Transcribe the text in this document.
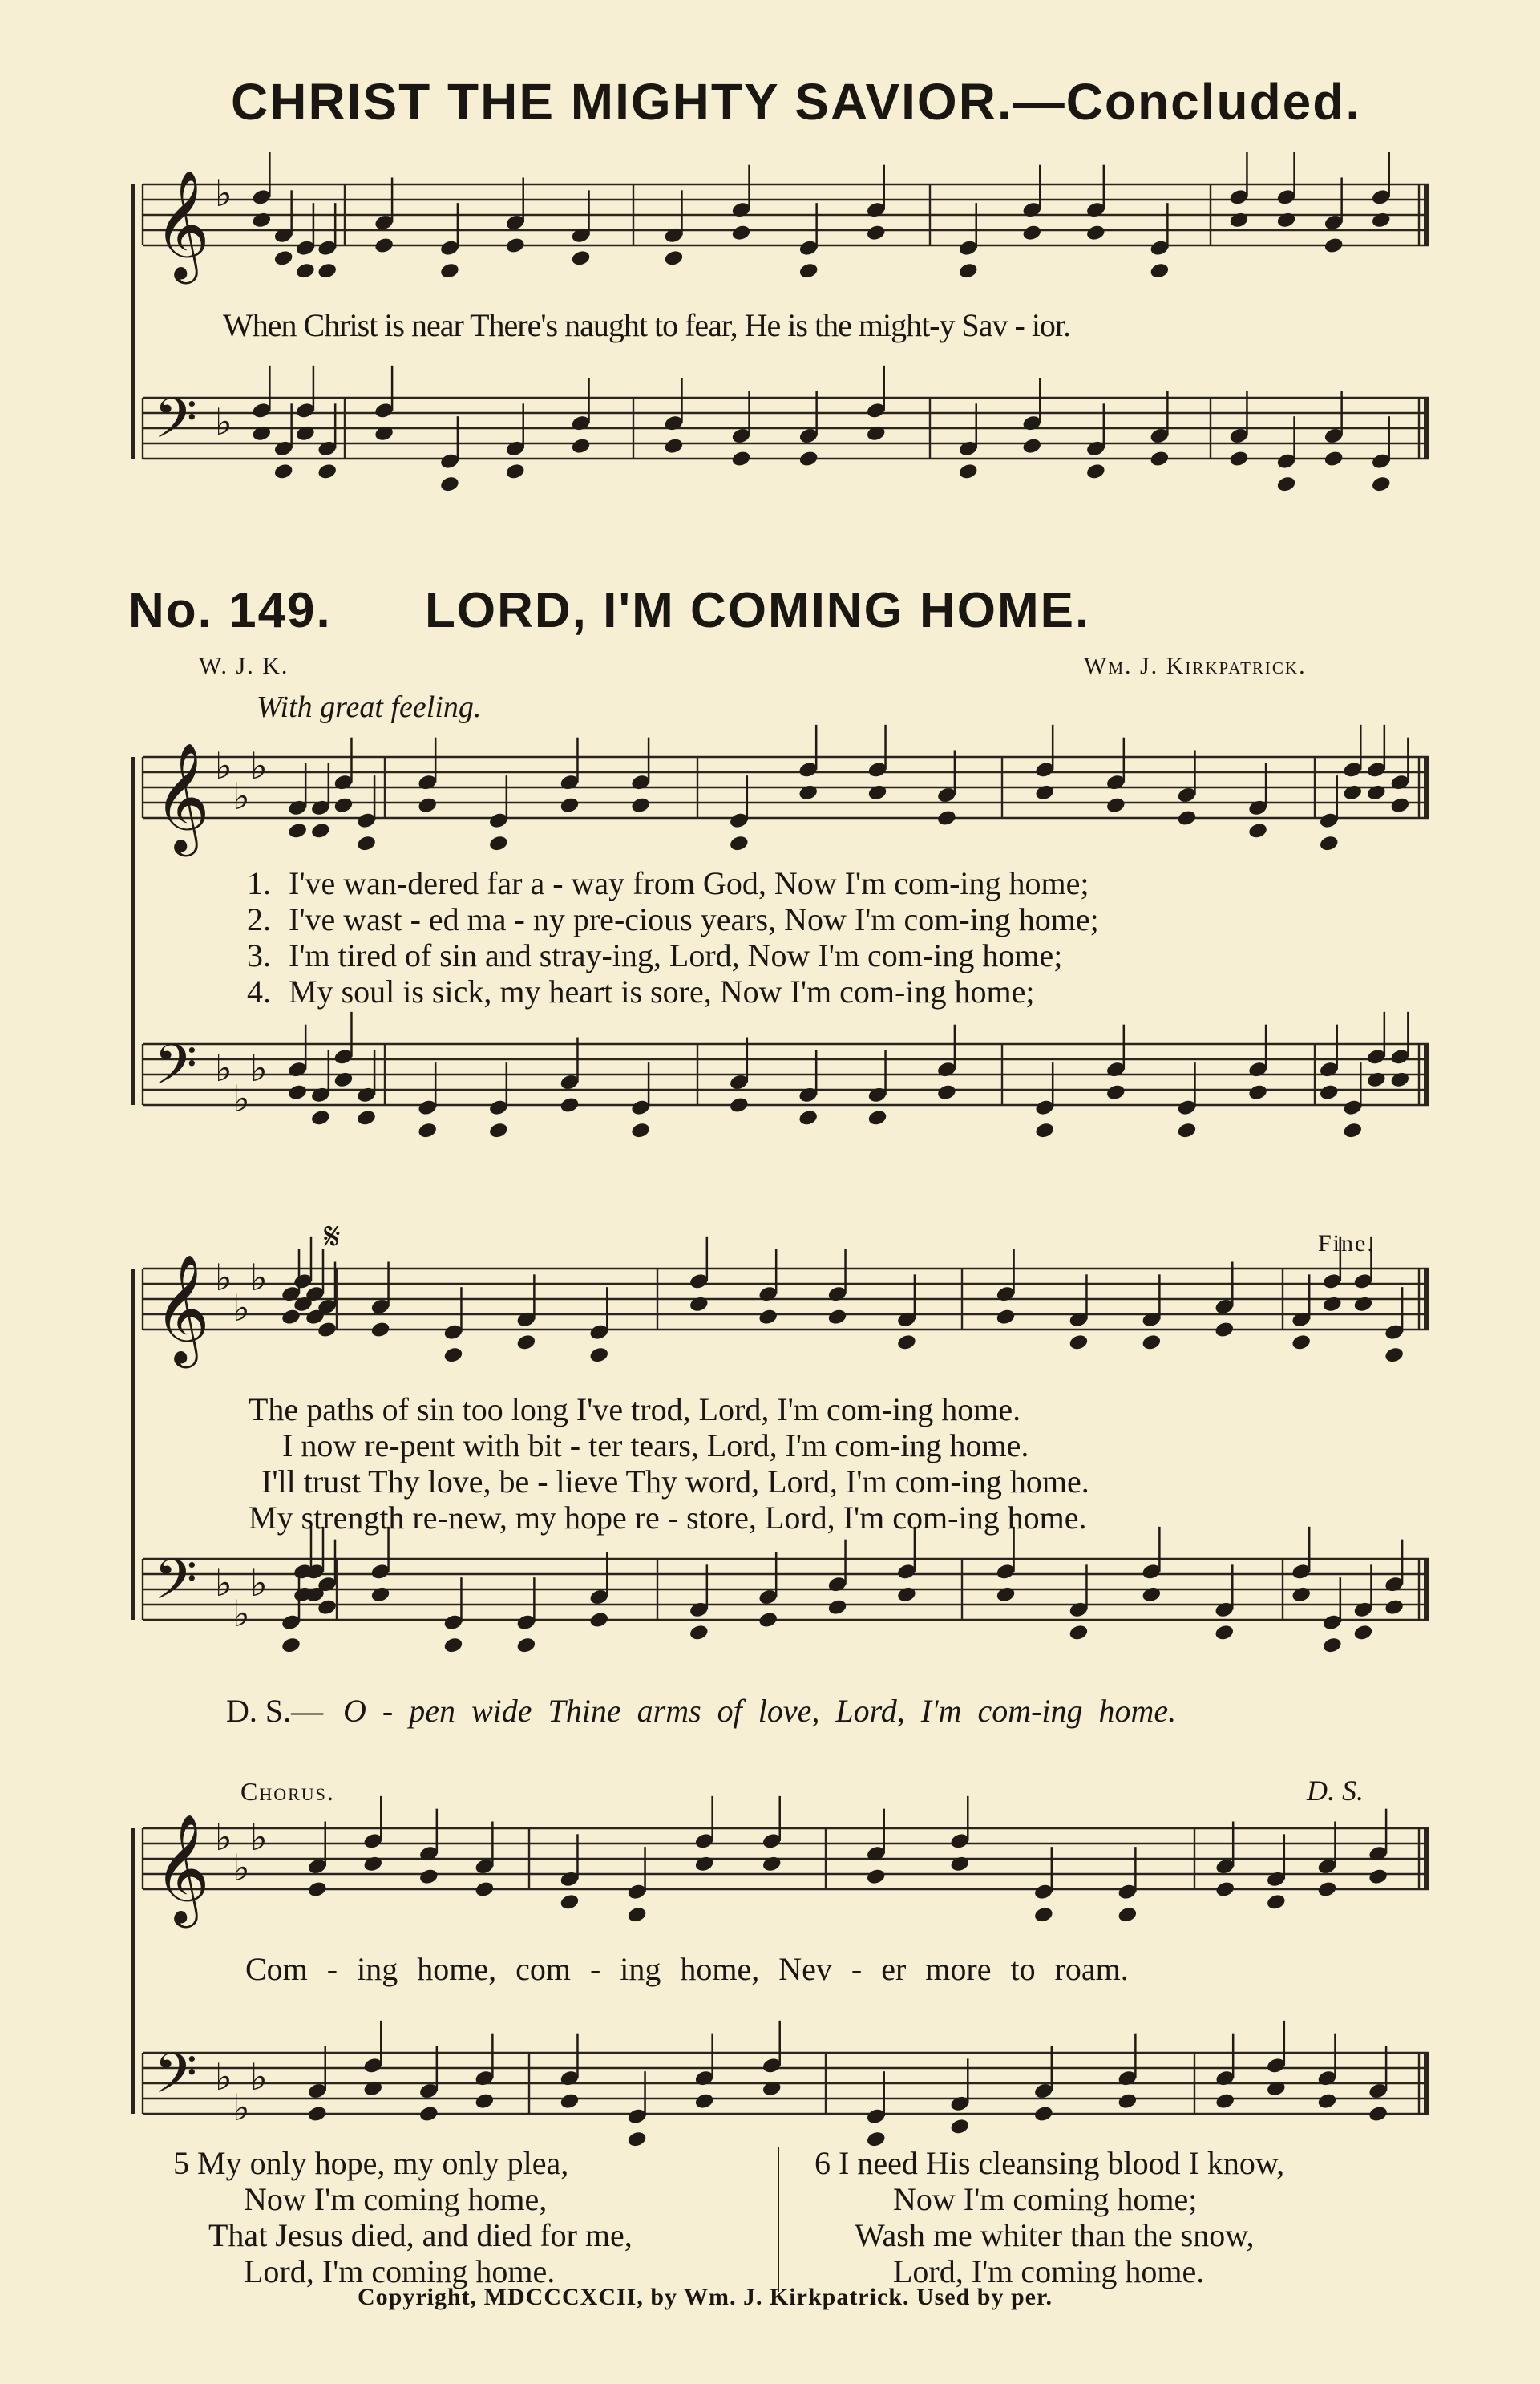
CHRIST THE MIGHTY SAVIOR.—Concluded.
𝄞 ♭
𝄢 ♭
𝄞 ♭
♭
♭
𝄢 ♭
♭
♭
𝄞 ♭
♭
♭
𝄢 ♭
♭
♭
𝄞 ♭
♭
♭
𝄢 ♭
♭
♭
When Christ is near There's naught to fear, He is the might-y Sav - ior.
No. 149. LORD, I'M COMING HOME.
W. J. K.	Wm. J. Kirkpatrick.
With great feeling.
1. I've wan-dered far a - way from God, Now I'm com-ing home;
2. I've wast - ed ma - ny pre-cious years, Now I'm com-ing home;
3. I'm tired of sin and stray-ing, Lord, Now I'm com-ing home;
4. My soul is sick, my heart is sore, Now I'm com-ing home;
𝄋	Fine.
The paths of sin too long I've trod, Lord, I'm com-ing home.
I now re-pent with bit - ter tears, Lord, I'm com-ing home.
I'll trust Thy love, be - lieve Thy word, Lord, I'm com-ing home.
My strength re-new, my hope re - store, Lord, I'm com-ing home.
D. S.— O - pen wide Thine arms of love, Lord, I'm com-ing home.
Chorus.	D. S.
Com - ing home, com - ing home, Nev - er more to roam.
5 My only hope, my only plea,
Now I'm coming home,
That Jesus died, and died for me,
Lord, I'm coming home.
6 I need His cleansing blood I know,
Now I'm coming home;
Wash me whiter than the snow,
Lord, I'm coming home.
Copyright, MDCCCXCII, by Wm. J. Kirkpatrick. Used by per.
